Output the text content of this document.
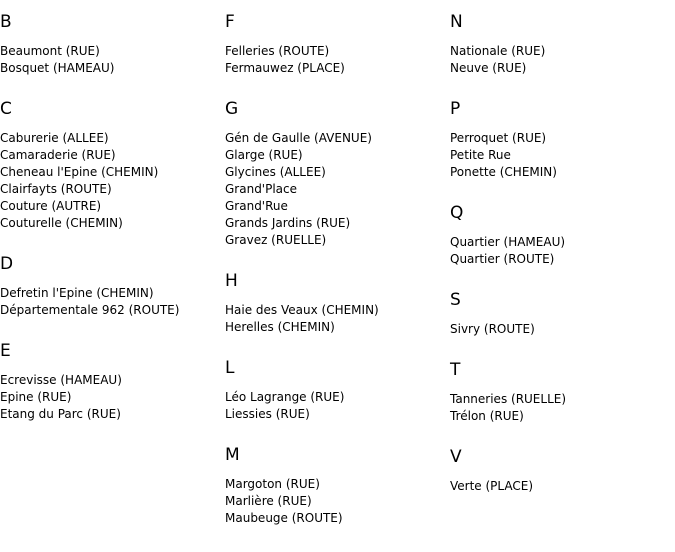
B
Beaumont (RUE)
Bosquet (HAMEAU)
C
Caburerie (ALLEE)
Camaraderie (RUE)
Cheneau l'Epine (CHEMIN)
Clairfayts (ROUTE)
Couture (AUTRE)
Couturelle (CHEMIN)
D
Defretin l'Epine (CHEMIN)
Départementale 962 (ROUTE)
E
Ecrevisse (HAMEAU)
Epine (RUE)
Etang du Parc (RUE)
F
Felleries (ROUTE)
Fermauwez (PLACE)
G
Gén de Gaulle (AVENUE)
Glarge (RUE)
Glycines (ALLEE)
Grand'Place
Grand'Rue
Grands Jardins (RUE)
Gravez (RUELLE)
H
Haie des Veaux (CHEMIN)
Herelles (CHEMIN)
L
Léo Lagrange (RUE)
Liessies (RUE)
M
Margoton (RUE)
Marlière (RUE)
Maubeuge (ROUTE)
N
Nationale (RUE)
Neuve (RUE)
P
Perroquet (RUE)
Petite Rue
Ponette (CHEMIN)
Q
Quartier (HAMEAU)
Quartier (ROUTE)
S
Sivry (ROUTE)
T
Tanneries (RUELLE)
Trélon (RUE)
V
Verte (PLACE)
